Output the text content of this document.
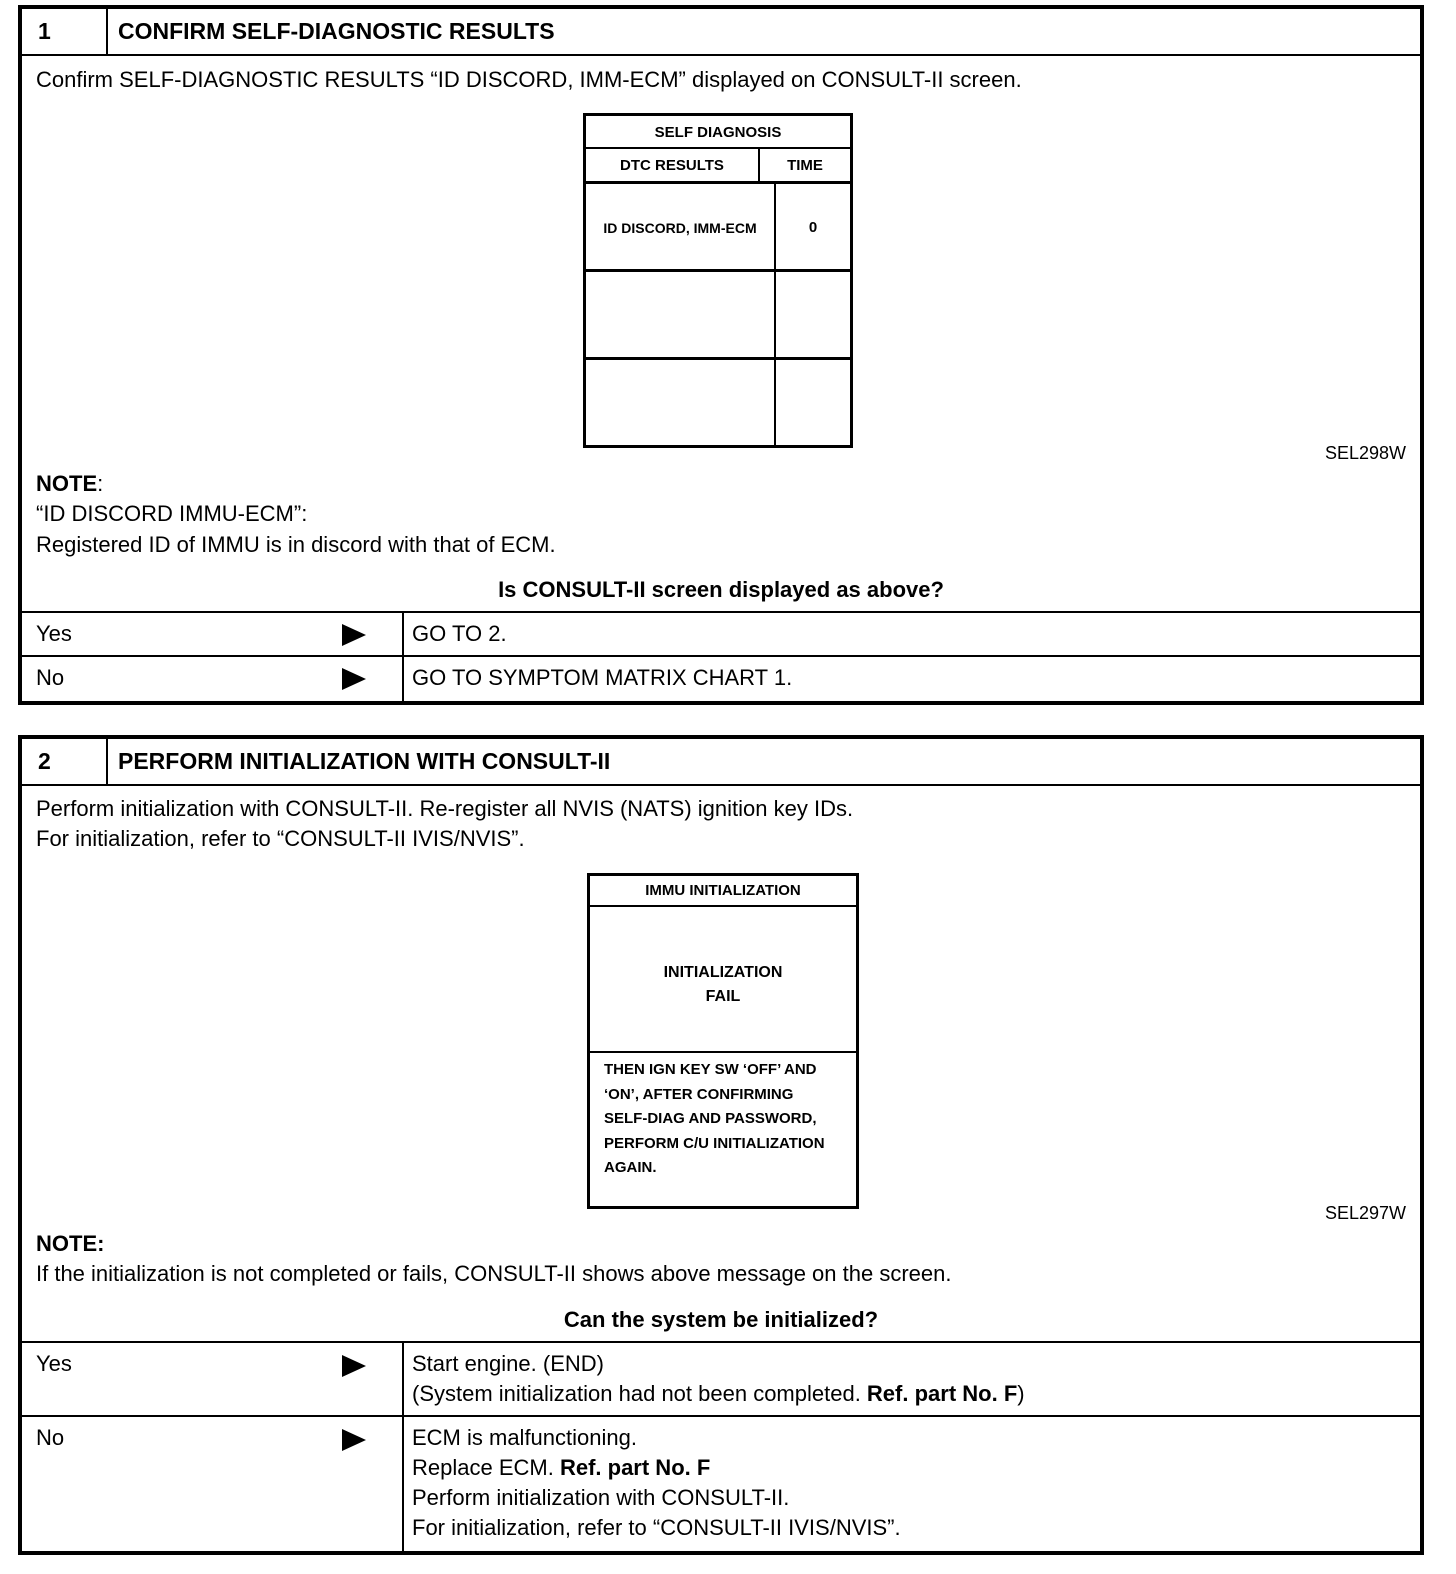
1	CONFIRM SELF-DIAGNOSTIC RESULTS
Confirm SELF-DIAGNOSTIC RESULTS “ID DISCORD, IMM-ECM” displayed on CONSULT-II screen.
SELF DIAGNOSIS
DTC RESULTS	TIME
ID DISCORD, IMM-ECM	0
SEL298W
NOTE:
“ID DISCORD IMMU-ECM”:
Registered ID of IMMU is in discord with that of ECM.
Is CONSULT-II screen displayed as above?
Yes	GO TO 2.
No	GO TO SYMPTOM MATRIX CHART 1.
2	PERFORM INITIALIZATION WITH CONSULT-II
Perform initialization with CONSULT-II. Re-register all NVIS (NATS) ignition key IDs.
For initialization, refer to “CONSULT-II IVIS/NVIS”.
IMMU INITIALIZATION
INITIALIZATION
FAIL
THEN IGN KEY SW ‘OFF’ AND
‘ON’, AFTER CONFIRMING
SELF-DIAG AND PASSWORD,
PERFORM C/U INITIALIZATION
AGAIN.
SEL297W
NOTE:
If the initialization is not completed or fails, CONSULT-II shows above message on the screen.
Can the system be initialized?
Yes	Start engine. (END)
(System initialization had not been completed. Ref. part No. F)
No	ECM is malfunctioning.
Replace ECM. Ref. part No. F
Perform initialization with CONSULT-II.
For initialization, refer to “CONSULT-II IVIS/NVIS”.
